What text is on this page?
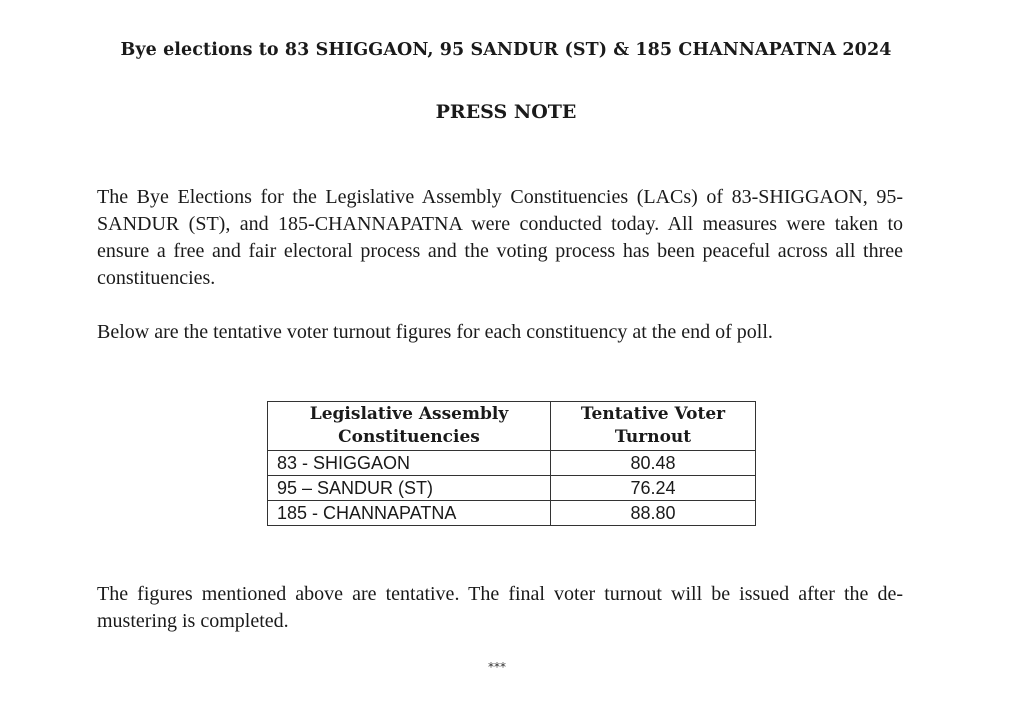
Bye elections to 83 SHIGGAON, 95 SANDUR (ST) & 185 CHANNAPATNA 2024
PRESS NOTE

The Bye Elections for the Legislative Assembly Constituencies (LACs) of 83-SHIGGAON, 95-SANDUR (ST), and 185-CHANNAPATNA were conducted today. All measures were taken to ensure a free and fair electoral process and the voting process has been peaceful across all three constituencies.

Below are the tentative voter turnout figures for each constituency at the end of poll.

Legislative Assembly Constituencies	Tentative Voter Turnout
83 - SHIGGAON	80.48
95 – SANDUR (ST)	76.24
185 - CHANNAPATNA	88.80

The figures mentioned above are tentative. The final voter turnout will be issued after the de-mustering is completed.

***
